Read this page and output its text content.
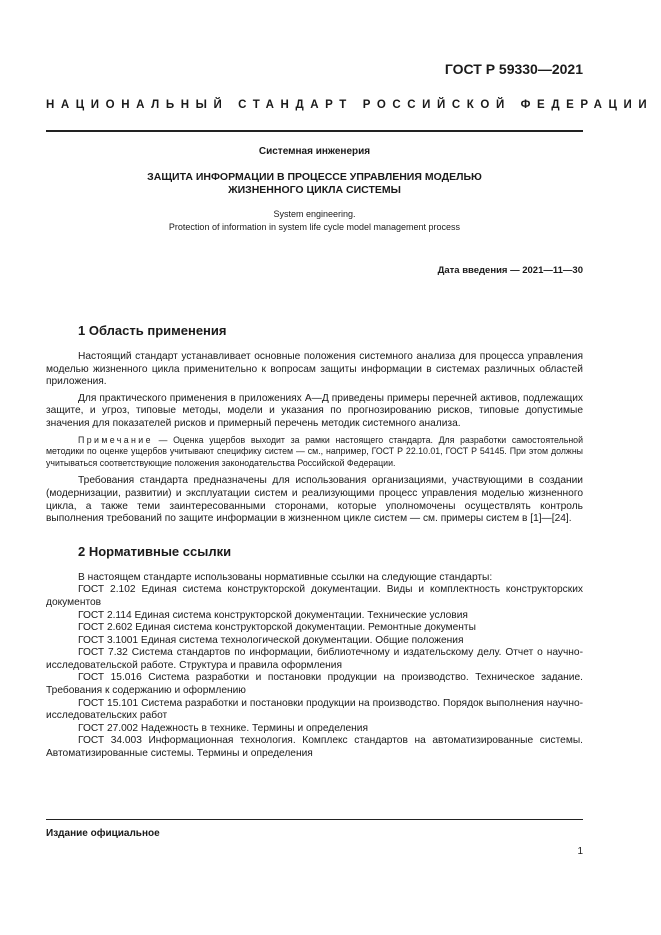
ГОСТ Р 59330—2021
НАЦИОНАЛЬНЫЙ СТАНДАРТ РОССИЙСКОЙ ФЕДЕРАЦИИ
Системная инженерия
ЗАЩИТА ИНФОРМАЦИИ В ПРОЦЕССЕ УПРАВЛЕНИЯ МОДЕЛЬЮ
ЖИЗНЕННОГО ЦИКЛА СИСТЕМЫ
System engineering.
Protection of information in system life cycle model management process
Дата введения — 2021—11—30
1 Область применения

Настоящий стандарт устанавливает основные положения системного анализа для процесса управления моделью жизненного цикла применительно к вопросам защиты информации в системах различных областей приложения.

Для практического применения в приложениях А—Д приведены примеры перечней активов, подлежащих защите, и угроз, типовые методы, модели и указания по прогнозированию рисков, типовые допустимые значения для показателей рисков и примерный перечень методик системного анализа.

Примечание — Оценка ущербов выходит за рамки настоящего стандарта. Для разработки самостоятельной методики по оценке ущербов учитывают специфику систем — см., например, ГОСТ Р 22.10.01, ГОСТ Р 54145. При этом должны учитываться соответствующие положения законодательства Российской Федерации.

Требования стандарта предназначены для использования организациями, участвующими в создании (модернизации, развитии) и эксплуатации систем и реализующими процесс управления моделью жизненного цикла, а также теми заинтересованными сторонами, которые уполномочены осуществлять контроль выполнения требований по защите информации в жизненном цикле систем — см. примеры систем в [1]—[24].

2 Нормативные ссылки

В настоящем стандарте использованы нормативные ссылки на следующие стандарты:

ГОСТ 2.102 Единая система конструкторской документации. Виды и комплектность конструкторских документов

ГОСТ 2.114 Единая система конструкторской документации. Технические условия

ГОСТ 2.602 Единая система конструкторской документации. Ремонтные документы

ГОСТ 3.1001 Единая система технологической документации. Общие положения

ГОСТ 7.32 Система стандартов по информации, библиотечному и издательскому делу. Отчет о научно-исследовательской работе. Структура и правила оформления

ГОСТ 15.016 Система разработки и постановки продукции на производство. Техническое задание. Требования к содержанию и оформлению

ГОСТ 15.101 Система разработки и постановки продукции на производство. Порядок выполнения научно-исследовательских работ

ГОСТ 27.002 Надежность в технике. Термины и определения

ГОСТ 34.003 Информационная технология. Комплекс стандартов на автоматизированные системы. Автоматизированные системы. Термины и определения

Издание официальное
1
